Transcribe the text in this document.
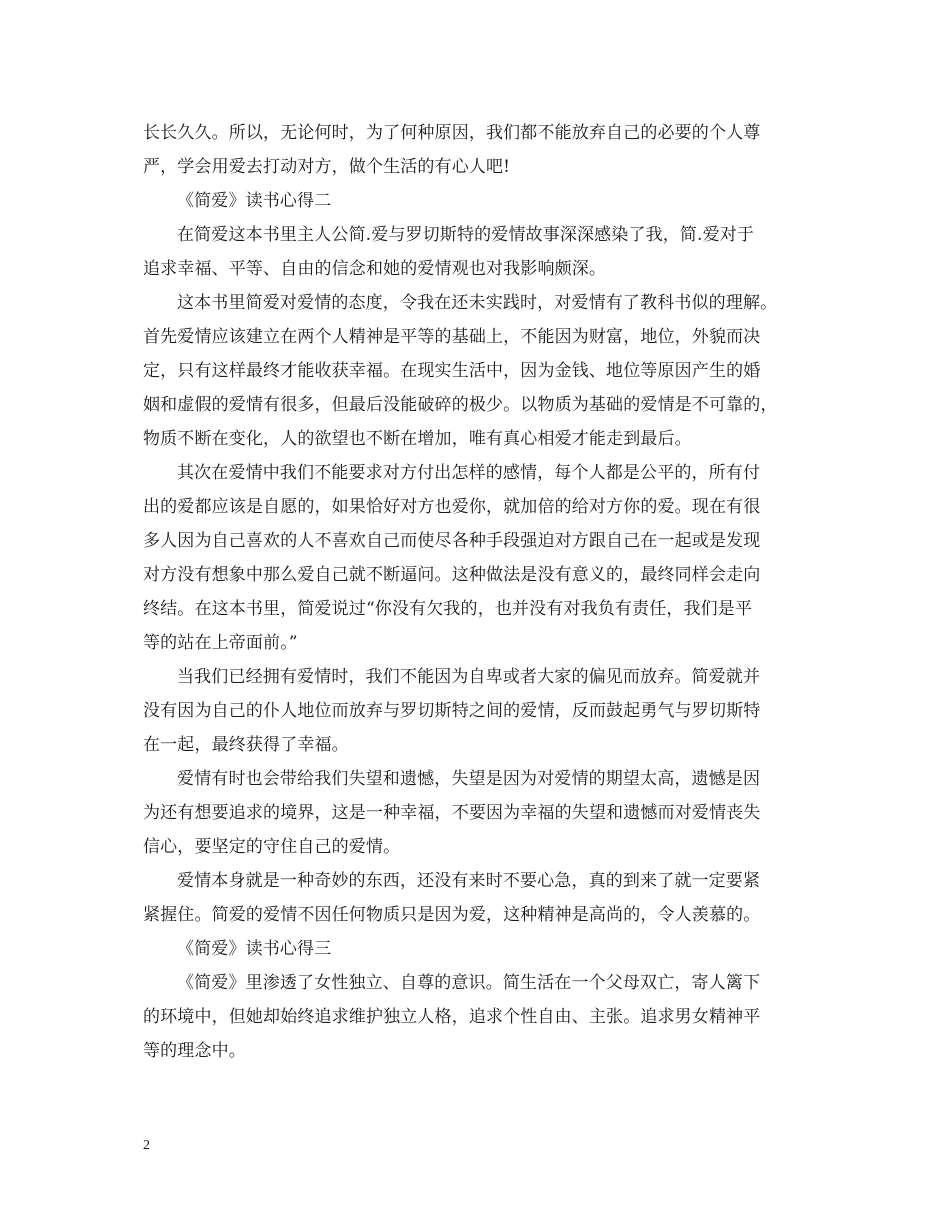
长长久久。所以，无论何时，为了何种原因，我们都不能放弃自己的必要的个人尊
严，学会用爱去打动对方，做个生活的有心人吧!
《简爱》读书心得二
在简爱这本书里主人公简.爱与罗切斯特的爱情故事深深感染了我，简.爱对于
追求幸福、平等、自由的信念和她的爱情观也对我影响颇深。
这本书里简爱对爱情的态度，令我在还未实践时，对爱情有了教科书似的理解。
首先爱情应该建立在两个人精神是平等的基础上，不能因为财富，地位，外貌而决
定，只有这样最终才能收获幸福。在现实生活中，因为金钱、地位等原因产生的婚
姻和虚假的爱情有很多，但最后没能破碎的极少。以物质为基础的爱情是不可靠的，
物质不断在变化，人的欲望也不断在增加，唯有真心相爱才能走到最后。
其次在爱情中我们不能要求对方付出怎样的感情，每个人都是公平的，所有付
出的爱都应该是自愿的，如果恰好对方也爱你，就加倍的给对方你的爱。现在有很
多人因为自己喜欢的人不喜欢自己而使尽各种手段强迫对方跟自己在一起或是发现
对方没有想象中那么爱自己就不断逼问。这种做法是没有意义的，最终同样会走向
终结。在这本书里，简爱说过“你没有欠我的，也并没有对我负有责任，我们是平
等的站在上帝面前。”
当我们已经拥有爱情时，我们不能因为自卑或者大家的偏见而放弃。简爱就并
没有因为自己的仆人地位而放弃与罗切斯特之间的爱情，反而鼓起勇气与罗切斯特
在一起，最终获得了幸福。
爱情有时也会带给我们失望和遗憾，失望是因为对爱情的期望太高，遗憾是因
为还有想要追求的境界，这是一种幸福，不要因为幸福的失望和遗憾而对爱情丧失
信心，要坚定的守住自己的爱情。
爱情本身就是一种奇妙的东西，还没有来时不要心急，真的到来了就一定要紧
紧握住。简爱的爱情不因任何物质只是因为爱，这种精神是高尚的，令人羡慕的。
《简爱》读书心得三
《简爱》里渗透了女性独立、自尊的意识。简生活在一个父母双亡，寄人篱下
的环境中，但她却始终追求维护独立人格，追求个性自由、主张。追求男女精神平
等的理念中。
2
